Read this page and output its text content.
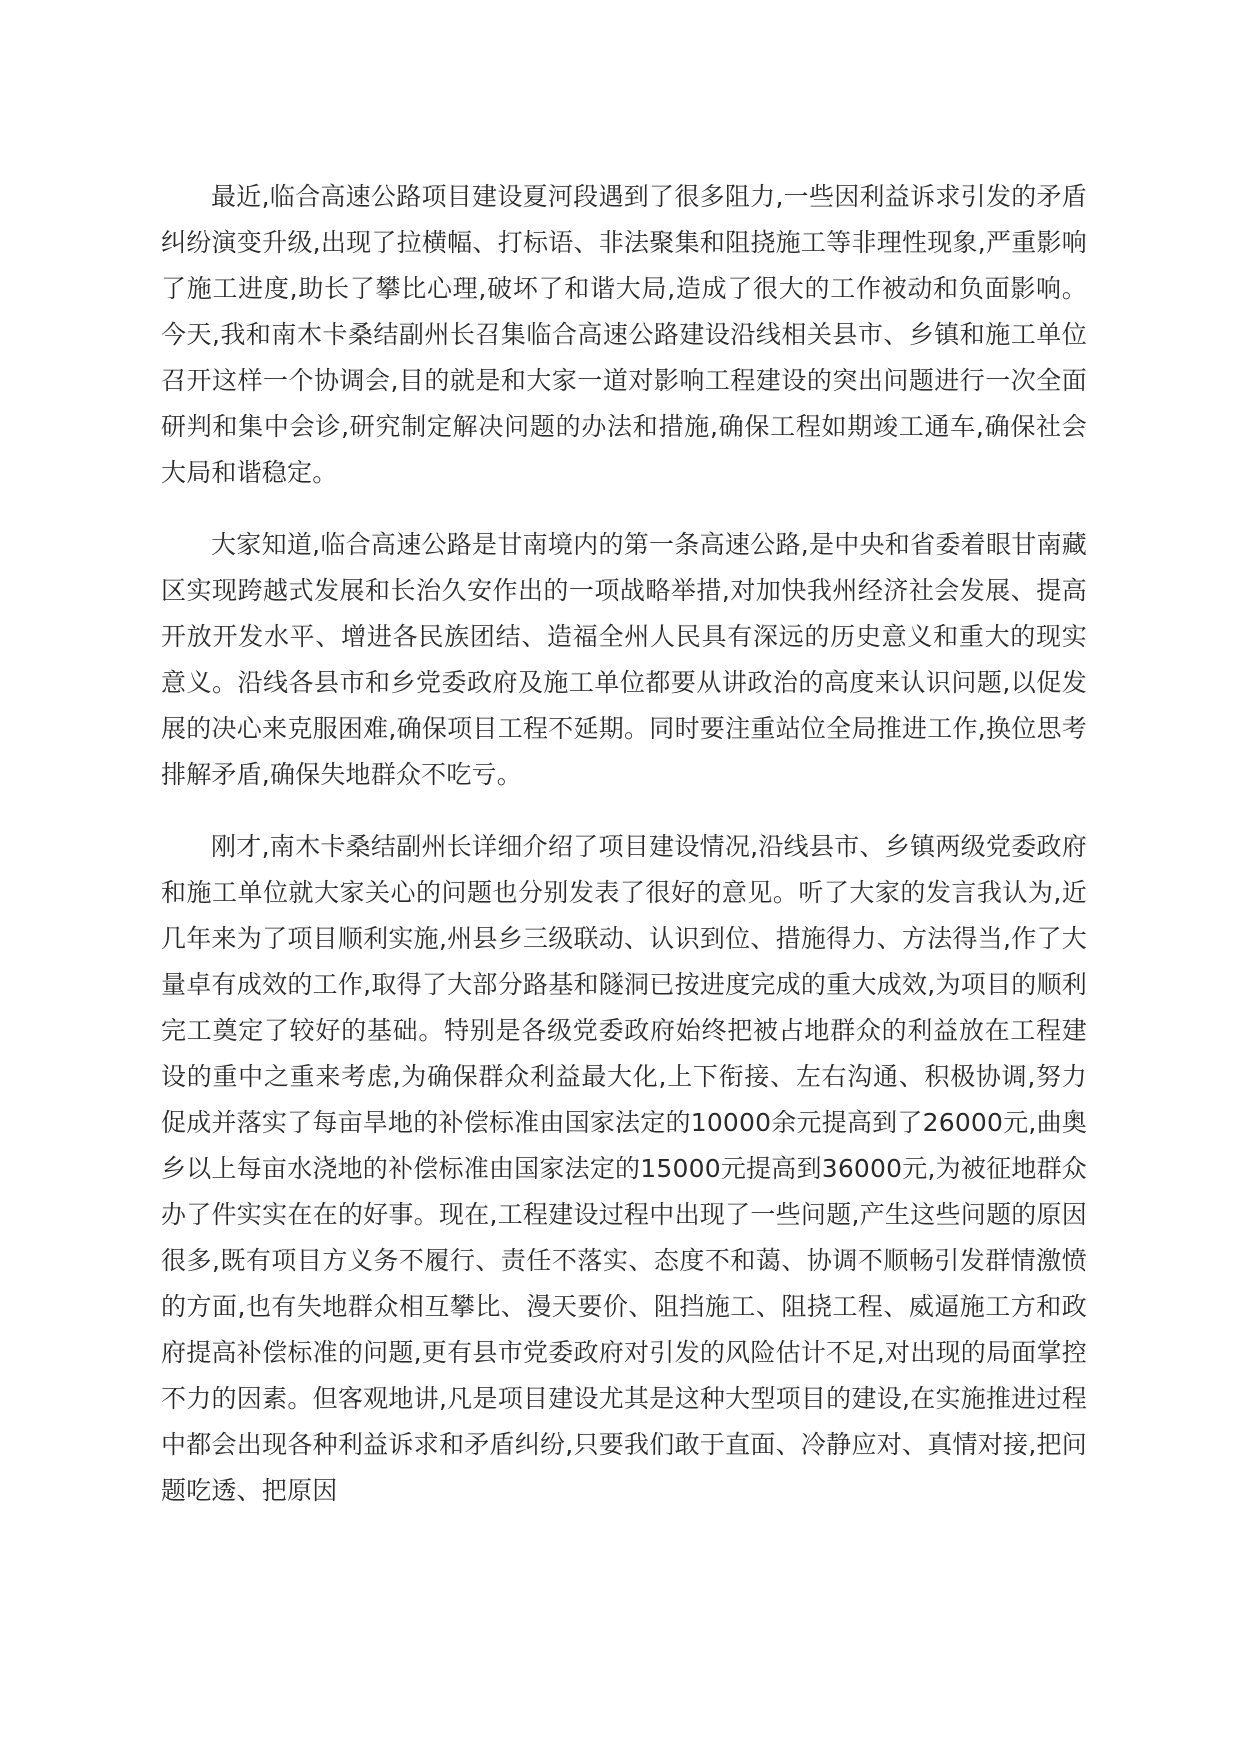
最近,临合高速公路项目建设夏河段遇到了很多阻力,一些因利益诉求引发的矛盾纠纷演变升级,出现了拉横幅、打标语、非法聚集和阻挠施工等非理性现象,严重影响了施工进度,助长了攀比心理,破坏了和谐大局,造成了很大的工作被动和负面影响。今天,我和南木卡桑结副州长召集临合高速公路建设沿线相关县市、乡镇和施工单位召开这样一个协调会,目的就是和大家一道对影响工程建设的突出问题进行一次全面研判和集中会诊,研究制定解决问题的办法和措施,确保工程如期竣工通车,确保社会大局和谐稳定。

大家知道,临合高速公路是甘南境内的第一条高速公路,是中央和省委着眼甘南藏区实现跨越式发展和长治久安作出的一项战略举措,对加快我州经济社会发展、提高开放开发水平、增进各民族团结、造福全州人民具有深远的历史意义和重大的现实意义。沿线各县市和乡党委政府及施工单位都要从讲政治的高度来认识问题,以促发展的决心来克服困难,确保项目工程不延期。同时要注重站位全局推进工作,换位思考排解矛盾,确保失地群众不吃亏。

刚才,南木卡桑结副州长详细介绍了项目建设情况,沿线县市、乡镇两级党委政府和施工单位就大家关心的问题也分别发表了很好的意见。听了大家的发言我认为,近几年来为了项目顺利实施,州县乡三级联动、认识到位、措施得力、方法得当,作了大量卓有成效的工作,取得了大部分路基和隧洞已按进度完成的重大成效,为项目的顺利完工奠定了较好的基础。特别是各级党委政府始终把被占地群众的利益放在工程建设的重中之重来考虑,为确保群众利益最大化,上下衔接、左右沟通、积极协调,努力促成并落实了每亩旱地的补偿标准由国家法定的10000余元提高到了26000元,曲奥乡以上每亩水浇地的补偿标准由国家法定的15000元提高到36000元,为被征地群众办了件实实在在的好事。现在,工程建设过程中出现了一些问题,产生这些问题的原因很多,既有项目方义务不履行、责任不落实、态度不和蔼、协调不顺畅引发群情激愤的方面,也有失地群众相互攀比、漫天要价、阻挡施工、阻挠工程、威逼施工方和政府提高补偿标准的问题,更有县市党委政府对引发的风险估计不足,对出现的局面掌控不力的因素。但客观地讲,凡是项目建设尤其是这种大型项目的建设,在实施推进过程中都会出现各种利益诉求和矛盾纠纷,只要我们敢于直面、冷静应对、真情对接,把问题吃透、把原因
